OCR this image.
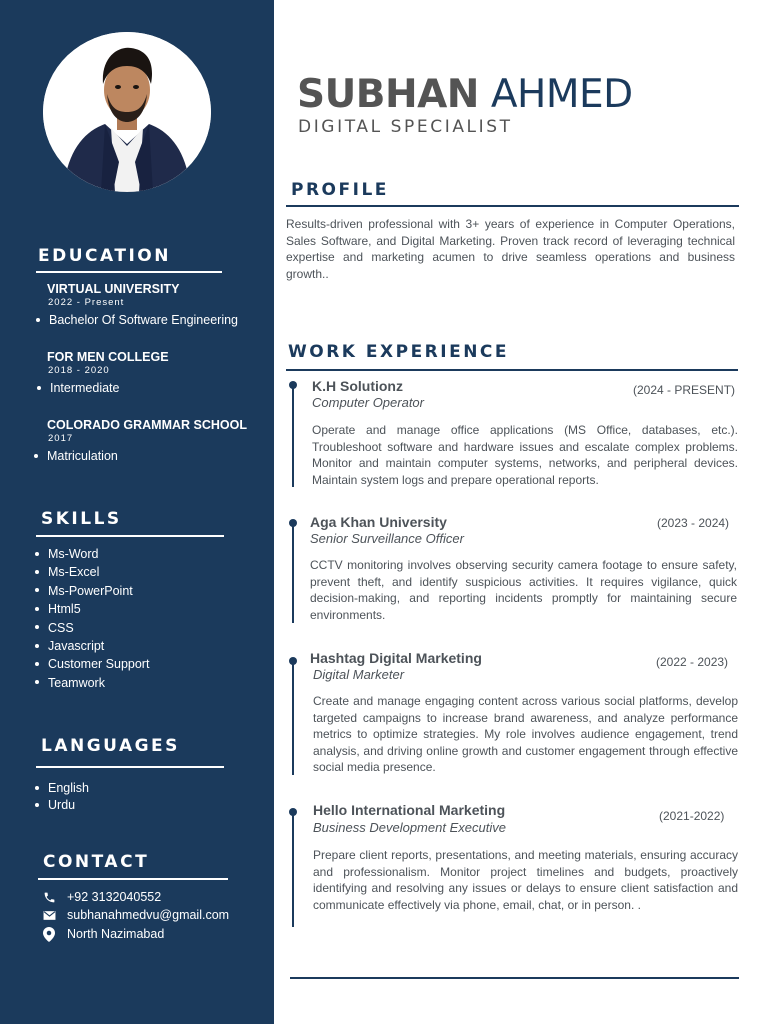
EDUCATION
VIRTUAL UNIVERSITY
2022 - Present
Bachelor Of Software Engineering
FOR MEN COLLEGE
2018 - 2020
Intermediate
COLORADO GRAMMAR SCHOOL
2017
Matriculation
SKILLS
Ms-Word
Ms-Excel
Ms-PowerPoint
Html5
CSS
Javascript
Customer Support
Teamwork
LANGUAGES
English
Urdu
CONTACT
+92 3132040552
subhanahmedvu@gmail.com
North Nazimabad
SUBHAN AHMED
DIGITAL SPECIALIST
PROFILE
Results-driven professional with 3+ years of experience in Computer Operations, Sales Software, and Digital Marketing. Proven track record of leveraging technical expertise and marketing acumen to drive seamless operations and business growth..
WORK EXPERIENCE
K.H Solutionz	(2024 - PRESENT)
Computer Operator
Operate and manage office applications (MS Office, databases, etc.). Troubleshoot software and hardware issues and escalate complex problems. Monitor and maintain computer systems, networks, and peripheral devices. Maintain system logs and prepare operational reports.
Aga Khan University	(2023 - 2024)
Senior Surveillance Officer
CCTV monitoring involves observing security camera footage to ensure safety, prevent theft, and identify suspicious activities. It requires vigilance, quick decision-making, and reporting incidents promptly for maintaining secure environments.
Hashtag Digital Marketing	(2022 - 2023)
Digital Marketer
Create and manage engaging content across various social platforms, develop targeted campaigns to increase brand awareness, and analyze performance metrics to optimize strategies. My role involves audience engagement, trend analysis, and driving online growth and customer engagement through effective social media presence.
Hello International Marketing	(2021-2022)
Business Development Executive
Prepare client reports, presentations, and meeting materials, ensuring accuracy and professionalism. Monitor project timelines and budgets, proactively identifying and resolving any issues or delays to ensure client satisfaction and communicate effectively via phone, email, chat, or in person. .
